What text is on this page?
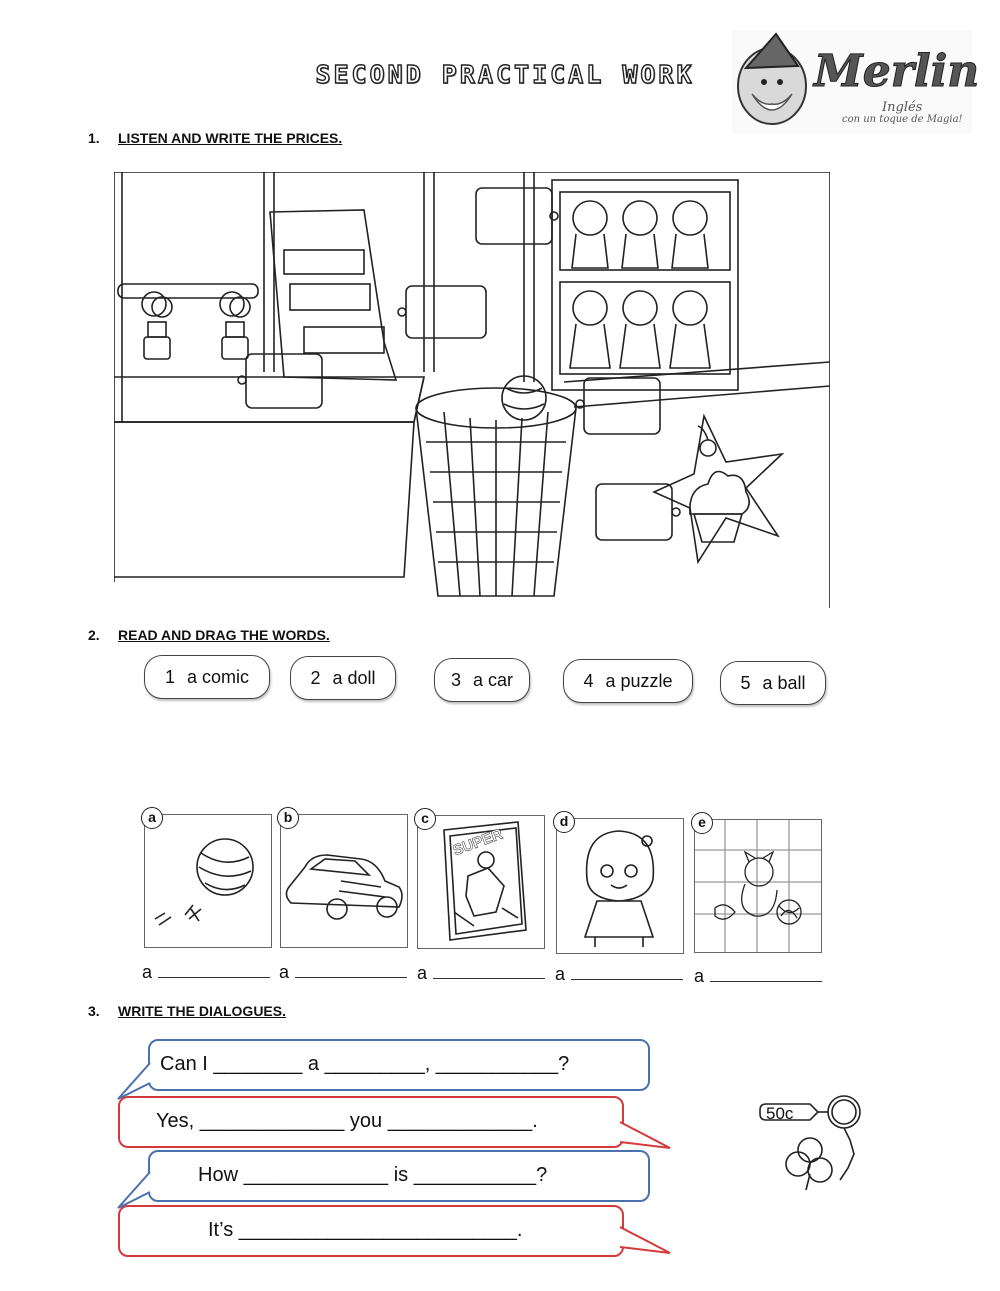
SECOND PRACTICAL WORK	Merlin
Inglés
con un toque de Magia!
1. LISTEN AND WRITE THE PRICES.
2. READ AND DRAG THE WORDS.
1 a comic	2 a doll	3 a car	4 a puzzle	5 a ball
a	b
SUPER
c	d	e
a	a	a	a	a
3. WRITE THE DIALOGUES.
Can I ________ a _________, ___________?
Yes, _____________ you _____________.
How _____________ is ___________?
It’s _________________________.
50c
